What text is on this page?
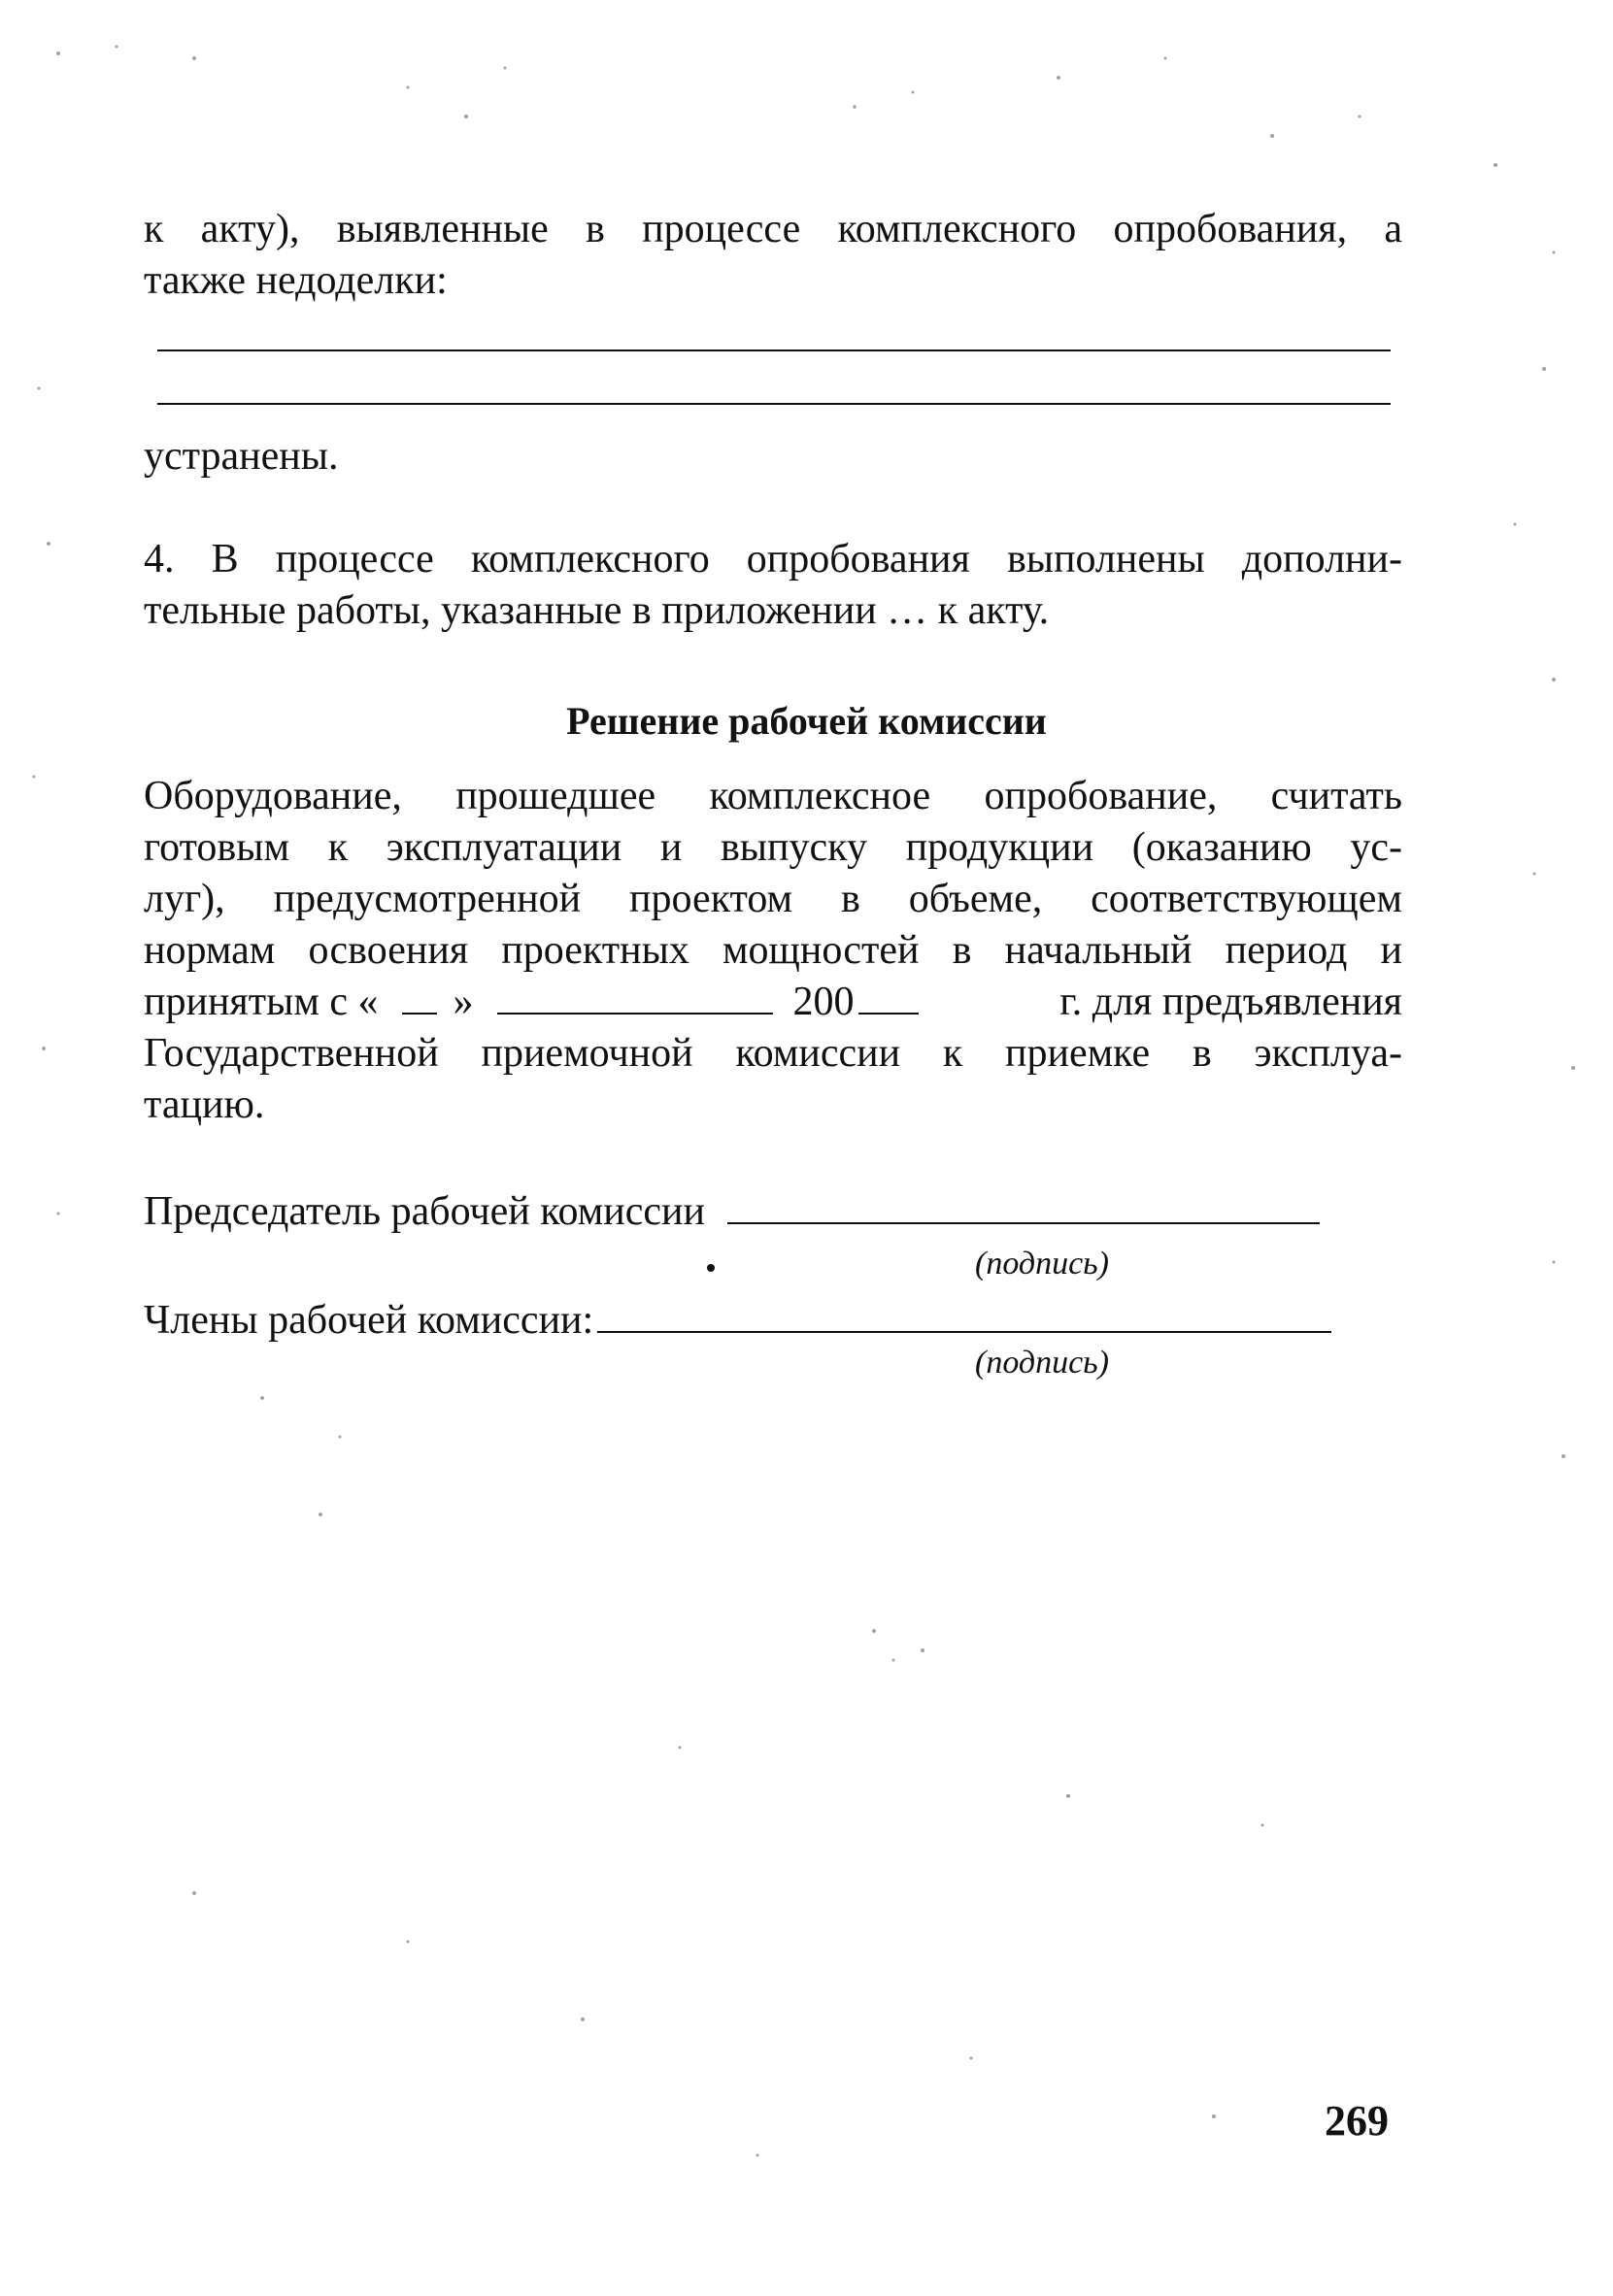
к акту), выявленные в процессе комплексного опробования, а
также недоделки:
устранены.
4. В процессе комплексного опробования выполнены дополни-
тельные работы, указанные в приложении … к акту.
Решение рабочей комиссии
Оборудование, прошедшее комплексное опробование, считать
готовым к эксплуатации и выпуску продукции (оказанию ус-
луг), предусмотренной проектом в объеме, соответствующем
нормам освоения проектных мощностей в начальный период и
принятым с « »	200	г. для предъявления
Государственной приемочной комиссии к приемке в эксплуа-
тацию.
Председатель рабочей комиссии
(подпись)
Члены рабочей комиссии:
(подпись)
269
